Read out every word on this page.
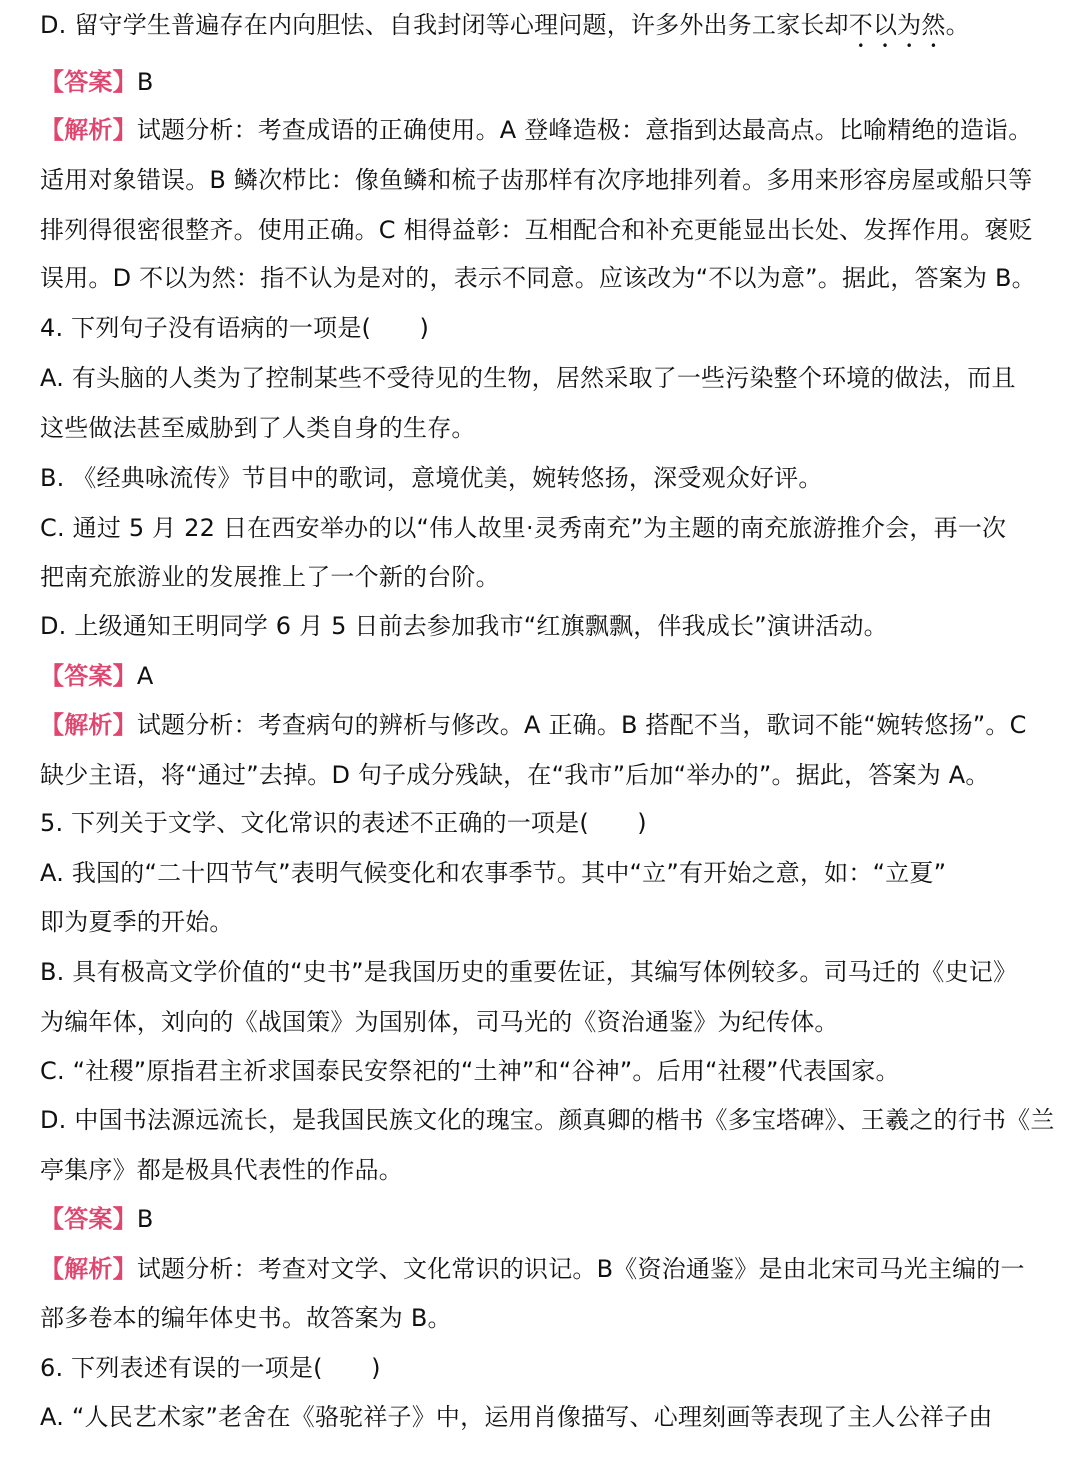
D. 留守学生普遍存在内向胆怯、自我封闭等心理问题，许多外出务工家长却不以为然。
【答案】B
【解析】试题分析：考查成语的正确使用。A 登峰造极：意指到达最高点。比喻精绝的造诣。
适用对象错误。B 鳞次栉比：像鱼鳞和梳子齿那样有次序地排列着。多用来形容房屋或船只等
排列得很密很整齐。使用正确。C 相得益彰：互相配合和补充更能显出长处、发挥作用。褒贬
误用。D 不以为然：指不认为是对的，表示不同意。应该改为“不以为意”。据此，答案为 B。
4. 下列句子没有语病的一项是(　　)
A. 有头脑的人类为了控制某些不受待见的生物，居然采取了一些污染整个环境的做法，而且
这些做法甚至威胁到了人类自身的生存。
B. 《经典咏流传》节目中的歌词，意境优美，婉转悠扬，深受观众好评。
C. 通过 5 月 22 日在西安举办的以“伟人故里·灵秀南充”为主题的南充旅游推介会，再一次
把南充旅游业的发展推上了一个新的台阶。
D. 上级通知王明同学 6 月 5 日前去参加我市“红旗飘飘，伴我成长”演讲活动。
【答案】A
【解析】试题分析：考查病句的辨析与修改。A 正确。B 搭配不当，歌词不能“婉转悠扬”。C
缺少主语，将“通过”去掉。D 句子成分残缺，在“我市”后加“举办的”。据此，答案为 A。
5. 下列关于文学、文化常识的表述不正确的一项是(　　)
A. 我国的“二十四节气”表明气候变化和农事季节。其中“立”有开始之意，如：“立夏”
即为夏季的开始。
B. 具有极高文学价值的“史书”是我国历史的重要佐证，其编写体例较多。司马迁的《史记》
为编年体，刘向的《战国策》为国别体，司马光的《资治通鉴》为纪传体。
C. “社稷”原指君主祈求国泰民安祭祀的“土神”和“谷神”。后用“社稷”代表国家。
D. 中国书法源远流长，是我国民族文化的瑰宝。颜真卿的楷书《多宝塔碑》、王羲之的行书《兰
亭集序》都是极具代表性的作品。
【答案】B
【解析】试题分析：考查对文学、文化常识的识记。B《资治通鉴》是由北宋司马光主编的一
部多卷本的编年体史书。故答案为 B。
6. 下列表述有误的一项是(　　)
A. “人民艺术家”老舍在《骆驼祥子》中，运用肖像描写、心理刻画等表现了主人公祥子由
